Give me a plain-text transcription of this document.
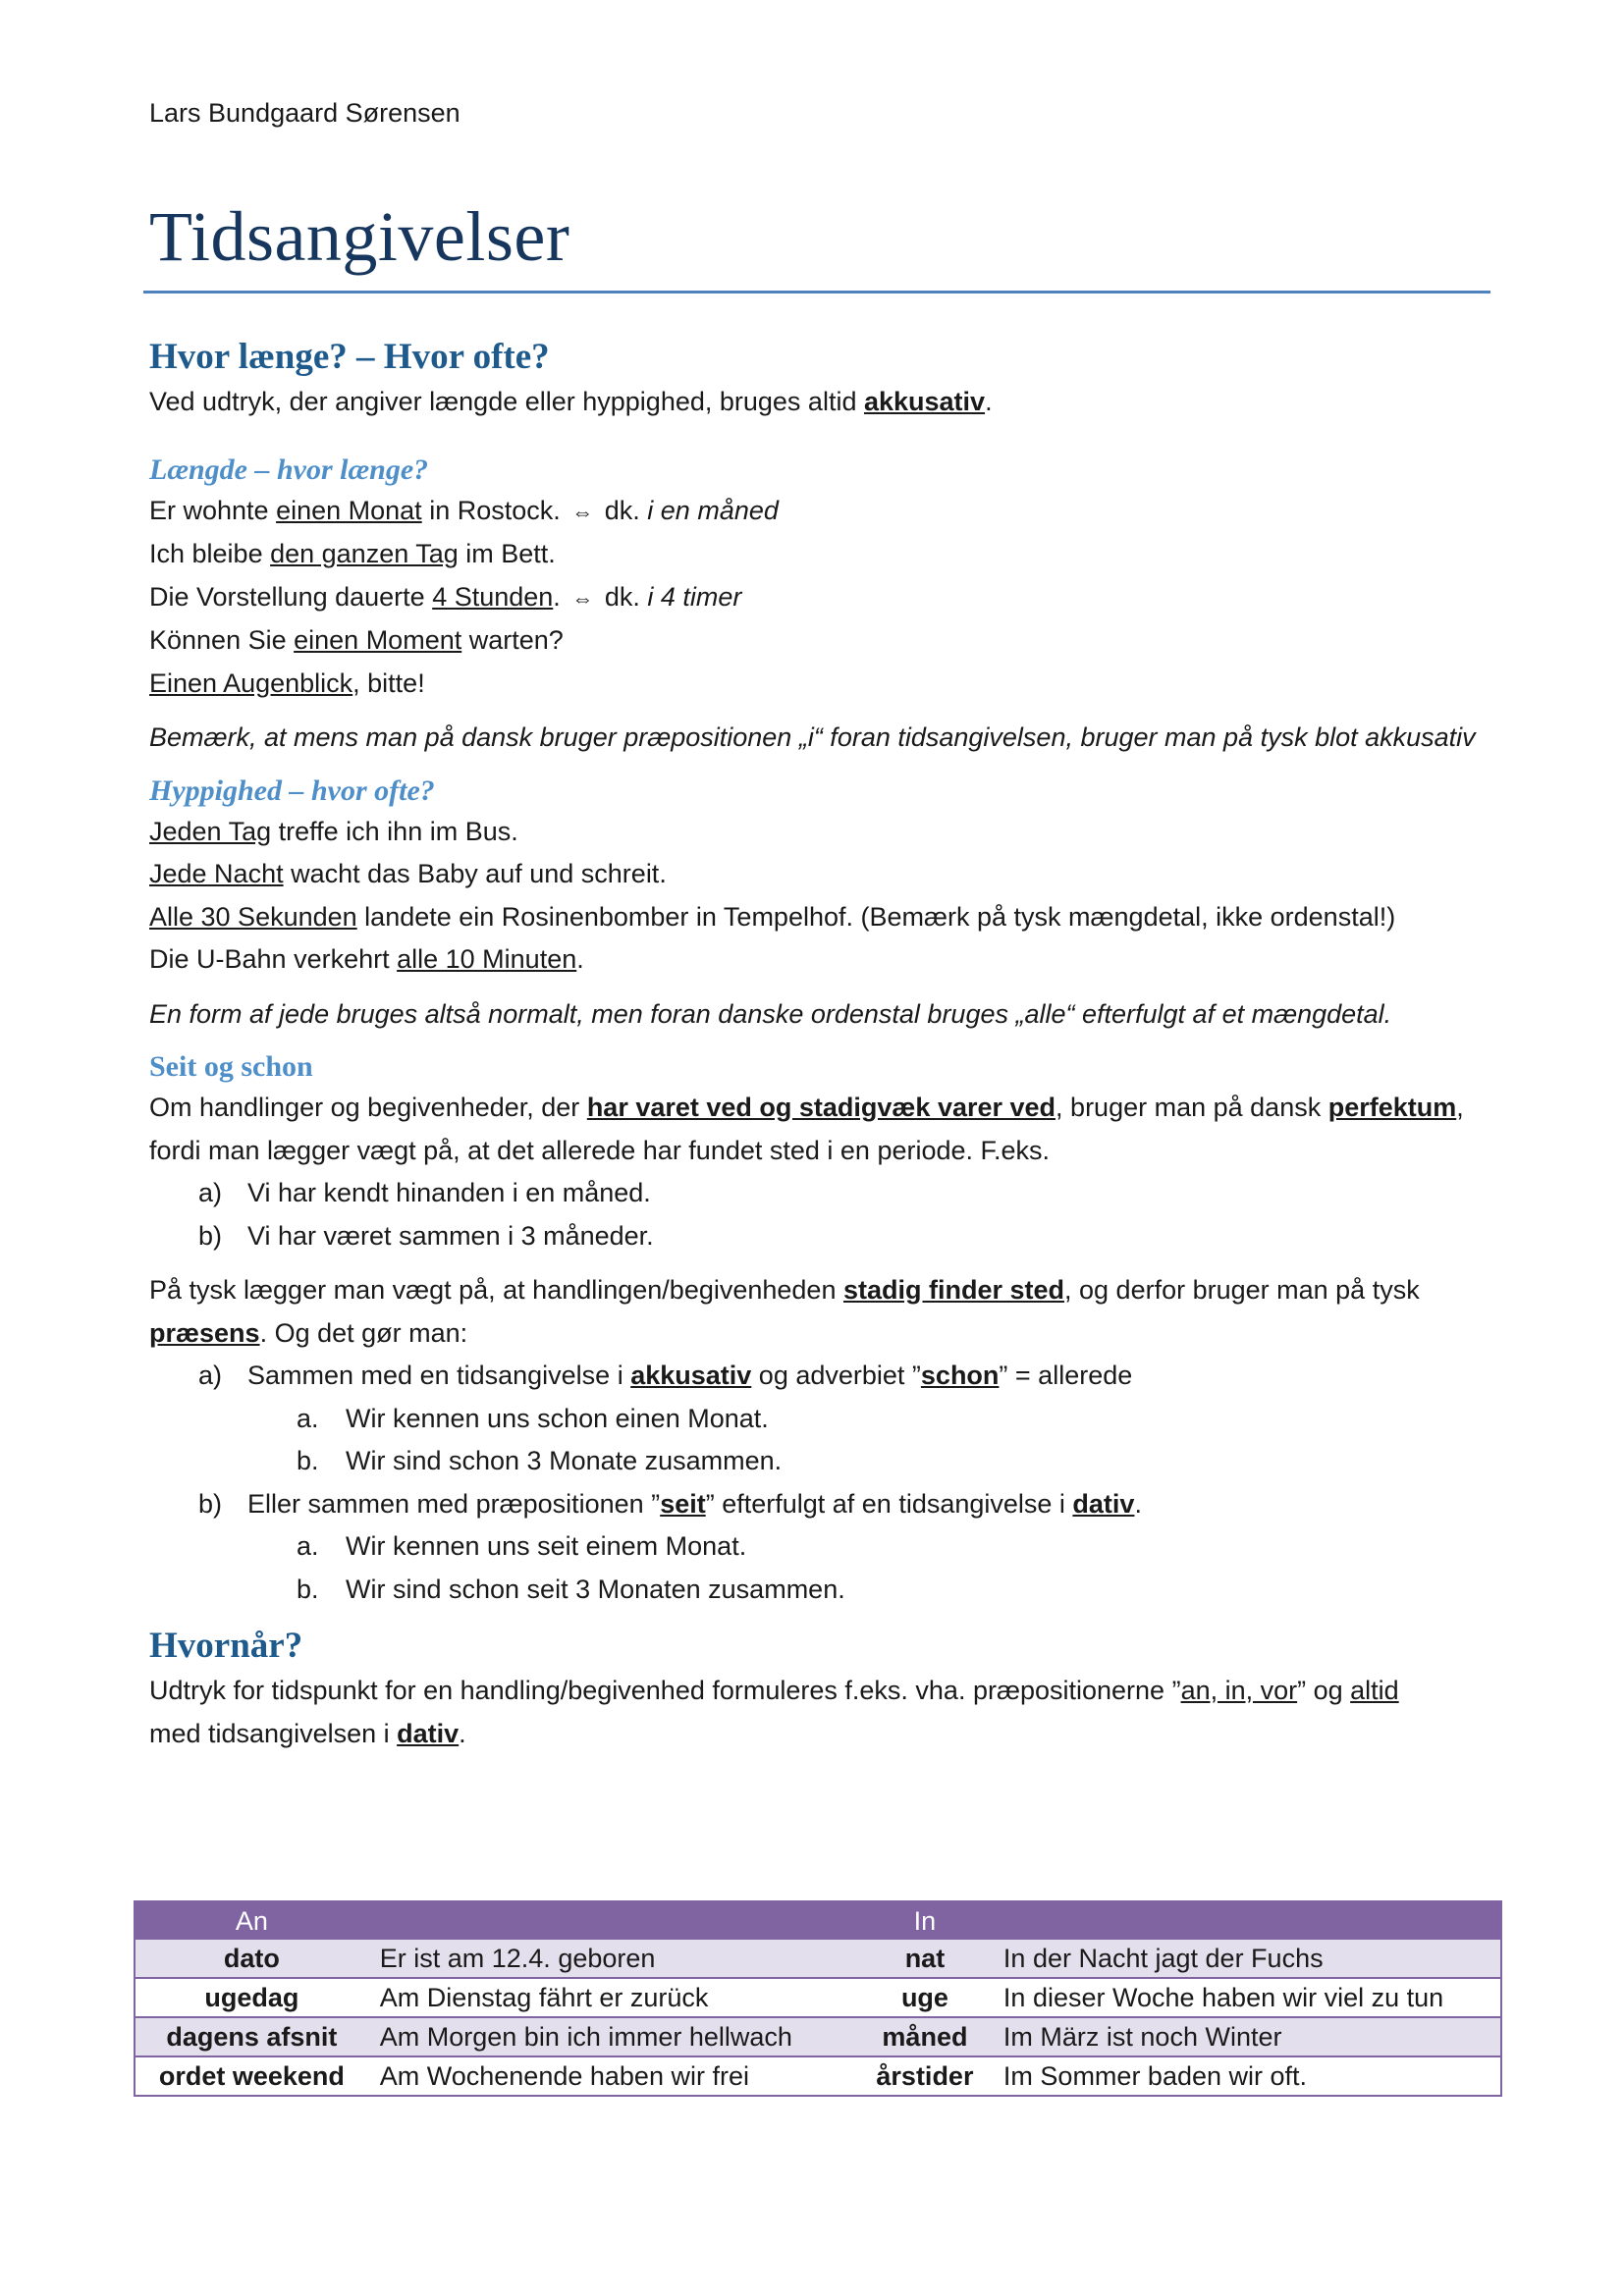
Lars Bundgaard Sørensen
Tidsangivelser

Hvor længe? – Hvor ofte?

Ved udtryk, der angiver længde eller hyppighed, bruges altid akkusativ.

Længde – hvor længe?

Er wohnte einen Monat in Rostock. ⇔ dk. i en måned

Ich bleibe den ganzen Tag im Bett.

Die Vorstellung dauerte 4 Stunden. ⇔ dk. i 4 timer

Können Sie einen Moment warten?

Einen Augenblick, bitte!

Bemærk, at mens man på dansk bruger præpositionen „i“ foran tidsangivelsen, bruger man på tysk blot akkusativ

Hyppighed – hvor ofte?

Jeden Tag treffe ich ihn im Bus.

Jede Nacht wacht das Baby auf und schreit.

Alle 30 Sekunden landete ein Rosinenbomber in Tempelhof. (Bemærk på tysk mængdetal, ikke ordenstal!)

Die U-Bahn verkehrt alle 10 Minuten.

En form af jede bruges altså normalt, men foran danske ordenstal bruges „alle“ efterfulgt af et mængdetal.

Seit og schon

Om handlinger og begivenheder, der har varet ved og stadigvæk varer ved, bruger man på dansk perfektum, fordi man lægger vægt på, at det allerede har fundet sted i en periode. F.eks.

a) Vi har kendt hinanden i en måned.
b) Vi har været sammen i 3 måneder.

På tysk lægger man vægt på, at handlingen/begivenheden stadig finder sted, og derfor bruger man på tysk præsens. Og det gør man:

a) Sammen med en tidsangivelse i akkusativ og adverbiet ”schon” = allerede
a.	Wir kennen uns schon einen Monat.
b.	Wir sind schon 3 Monate zusammen.
b) Eller sammen med præpositionen ”seit” efterfulgt af en tidsangivelse i dativ.
a.	Wir kennen uns seit einem Monat.
b.	Wir sind schon seit 3 Monaten zusammen.

Hvornår?

Udtryk for tidspunkt for en handling/begivenhed formuleres f.eks. vha. præpositionerne ”an, in, vor” og altid

med tidsangivelsen i dativ.

An		In	
dato	Er ist am 12.4. geboren	nat	In der Nacht jagt der Fuchs
ugedag	Am Dienstag fährt er zurück	uge	In dieser Woche haben wir viel zu tun
dagens afsnit	Am Morgen bin ich immer hellwach	måned	Im März ist noch Winter
ordet weekend	Am Wochenende haben wir frei	årstider	Im Sommer baden wir oft.
